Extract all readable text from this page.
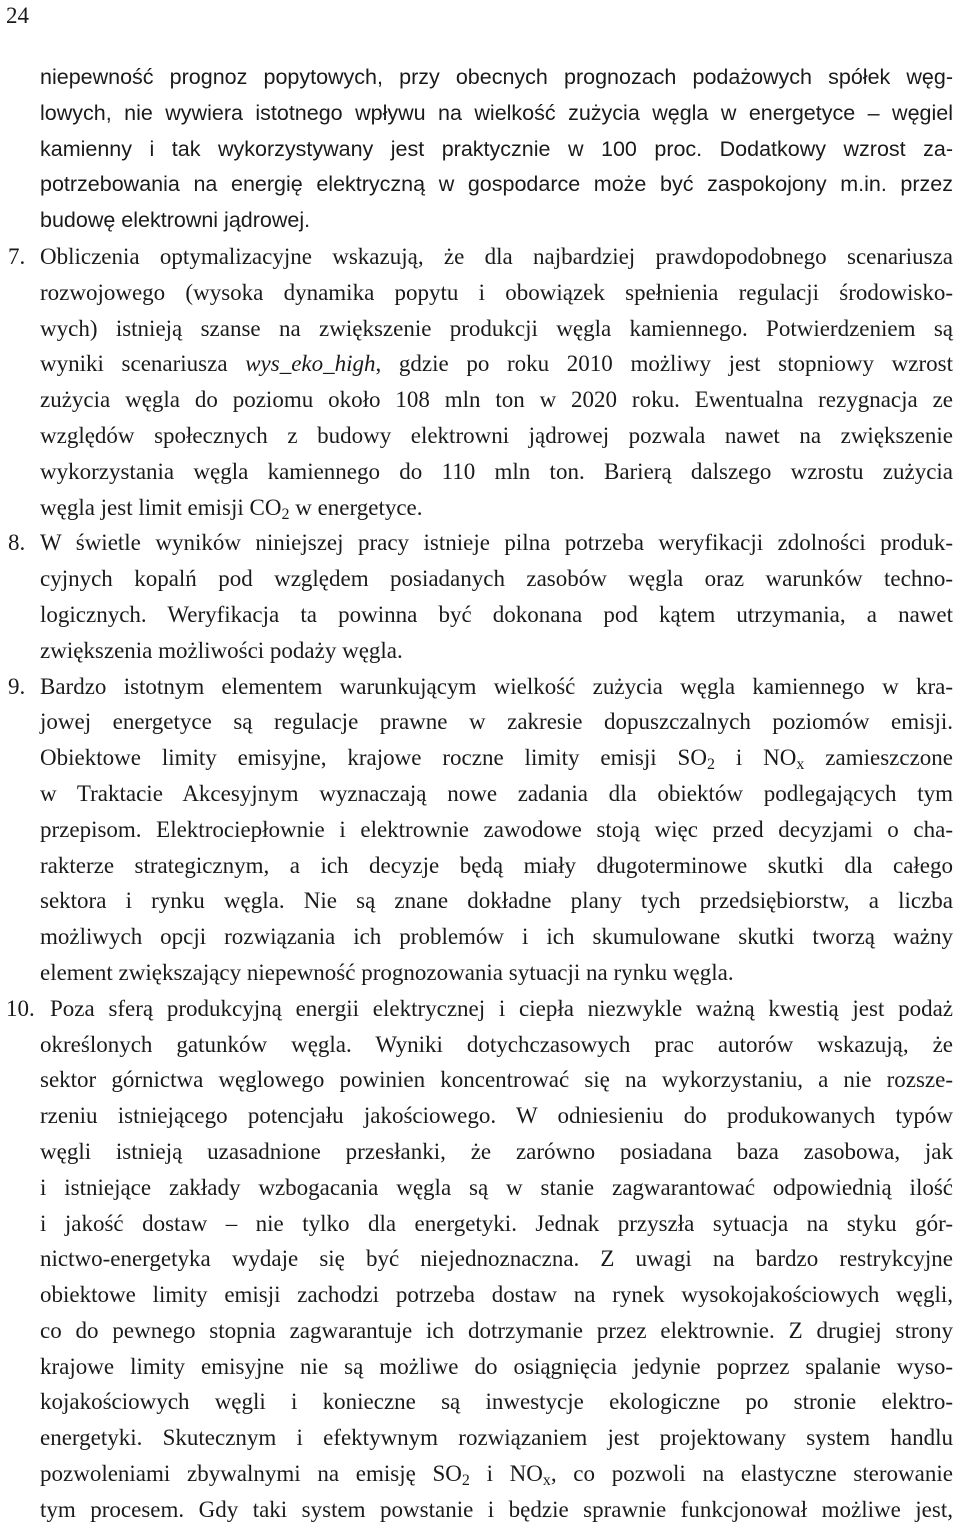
24
niepewność prognoz popytowych, przy obecnych prognozach podażowych spółek węg-
lowych, nie wywiera istotnego wpływu na wielkość zużycia węgla w energetyce – węgiel
kamienny i tak wykorzystywany jest praktycznie w 100 proc. Dodatkowy wzrost za-
potrzebowania na energię elektryczną w gospodarce może być zaspokojony m.in. przez
budowę elektrowni jądrowej.
7. Obliczenia optymalizacyjne wskazują, że dla najbardziej prawdopodobnego scenariusza
rozwojowego (wysoka dynamika popytu i obowiązek spełnienia regulacji środowisko-
wych) istnieją szanse na zwiększenie produkcji węgla kamiennego. Potwierdzeniem są
wyniki scenariusza wys_eko_high, gdzie po roku 2010 możliwy jest stopniowy wzrost
zużycia węgla do poziomu około 108 mln ton w 2020 roku. Ewentualna rezygnacja ze
względów społecznych z budowy elektrowni jądrowej pozwala nawet na zwiększenie
wykorzystania węgla kamiennego do 110 mln ton. Barierą dalszego wzrostu zużycia
węgla jest limit emisji $CO_2$ w energetyce.
8. W świetle wyników niniejszej pracy istnieje pilna potrzeba weryfikacji zdolności produk-
cyjnych kopalń pod względem posiadanych zasobów węgla oraz warunków techno-
logicznych. Weryfikacja ta powinna być dokonana pod kątem utrzymania, a nawet
zwiększenia możliwości podaży węgla.
9. Bardzo istotnym elementem warunkującym wielkość zużycia węgla kamiennego w kra-
jowej energetyce są regulacje prawne w zakresie dopuszczalnych poziomów emisji.
Obiektowe limity emisyjne, krajowe roczne limity emisji $SO_2$ i $NO_x$ zamieszczone
w Traktacie Akcesyjnym wyznaczają nowe zadania dla obiektów podlegających tym
przepisom. Elektrociepłownie i elektrownie zawodowe stoją więc przed decyzjami o cha-
rakterze strategicznym, a ich decyzje będą miały długoterminowe skutki dla całego
sektora i rynku węgla. Nie są znane dokładne plany tych przedsiębiorstw, a liczba
możliwych opcji rozwiązania ich problemów i ich skumulowane skutki tworzą ważny
element zwiększający niepewność prognozowania sytuacji na rynku węgla.
10. Poza sferą produkcyjną energii elektrycznej i ciepła niezwykle ważną kwestią jest podaż
określonych gatunków węgla. Wyniki dotychczasowych prac autorów wskazują, że
sektor górnictwa węglowego powinien koncentrować się na wykorzystaniu, a nie rozsze-
rzeniu istniejącego potencjału jakościowego. W odniesieniu do produkowanych typów
węgli istnieją uzasadnione przesłanki, że zarówno posiadana baza zasobowa, jak
i istniejące zakłady wzbogacania węgla są w stanie zagwarantować odpowiednią ilość
i jakość dostaw – nie tylko dla energetyki. Jednak przyszła sytuacja na styku gór-
nictwo-energetyka wydaje się być niejednoznaczna. Z uwagi na bardzo restrykcyjne
obiektowe limity emisji zachodzi potrzeba dostaw na rynek wysokojakościowych węgli,
co do pewnego stopnia zagwarantuje ich dotrzymanie przez elektrownie. Z drugiej strony
krajowe limity emisyjne nie są możliwe do osiągnięcia jedynie poprzez spalanie wyso-
kojakościowych węgli i konieczne są inwestycje ekologiczne po stronie elektro-
energetyki. Skutecznym i efektywnym rozwiązaniem jest projektowany system handlu
pozwoleniami zbywalnymi na emisję $SO_2$ i $NO_x$, co pozwoli na elastyczne sterowanie
tym procesem. Gdy taki system powstanie i będzie sprawnie funkcjonował możliwe jest,
